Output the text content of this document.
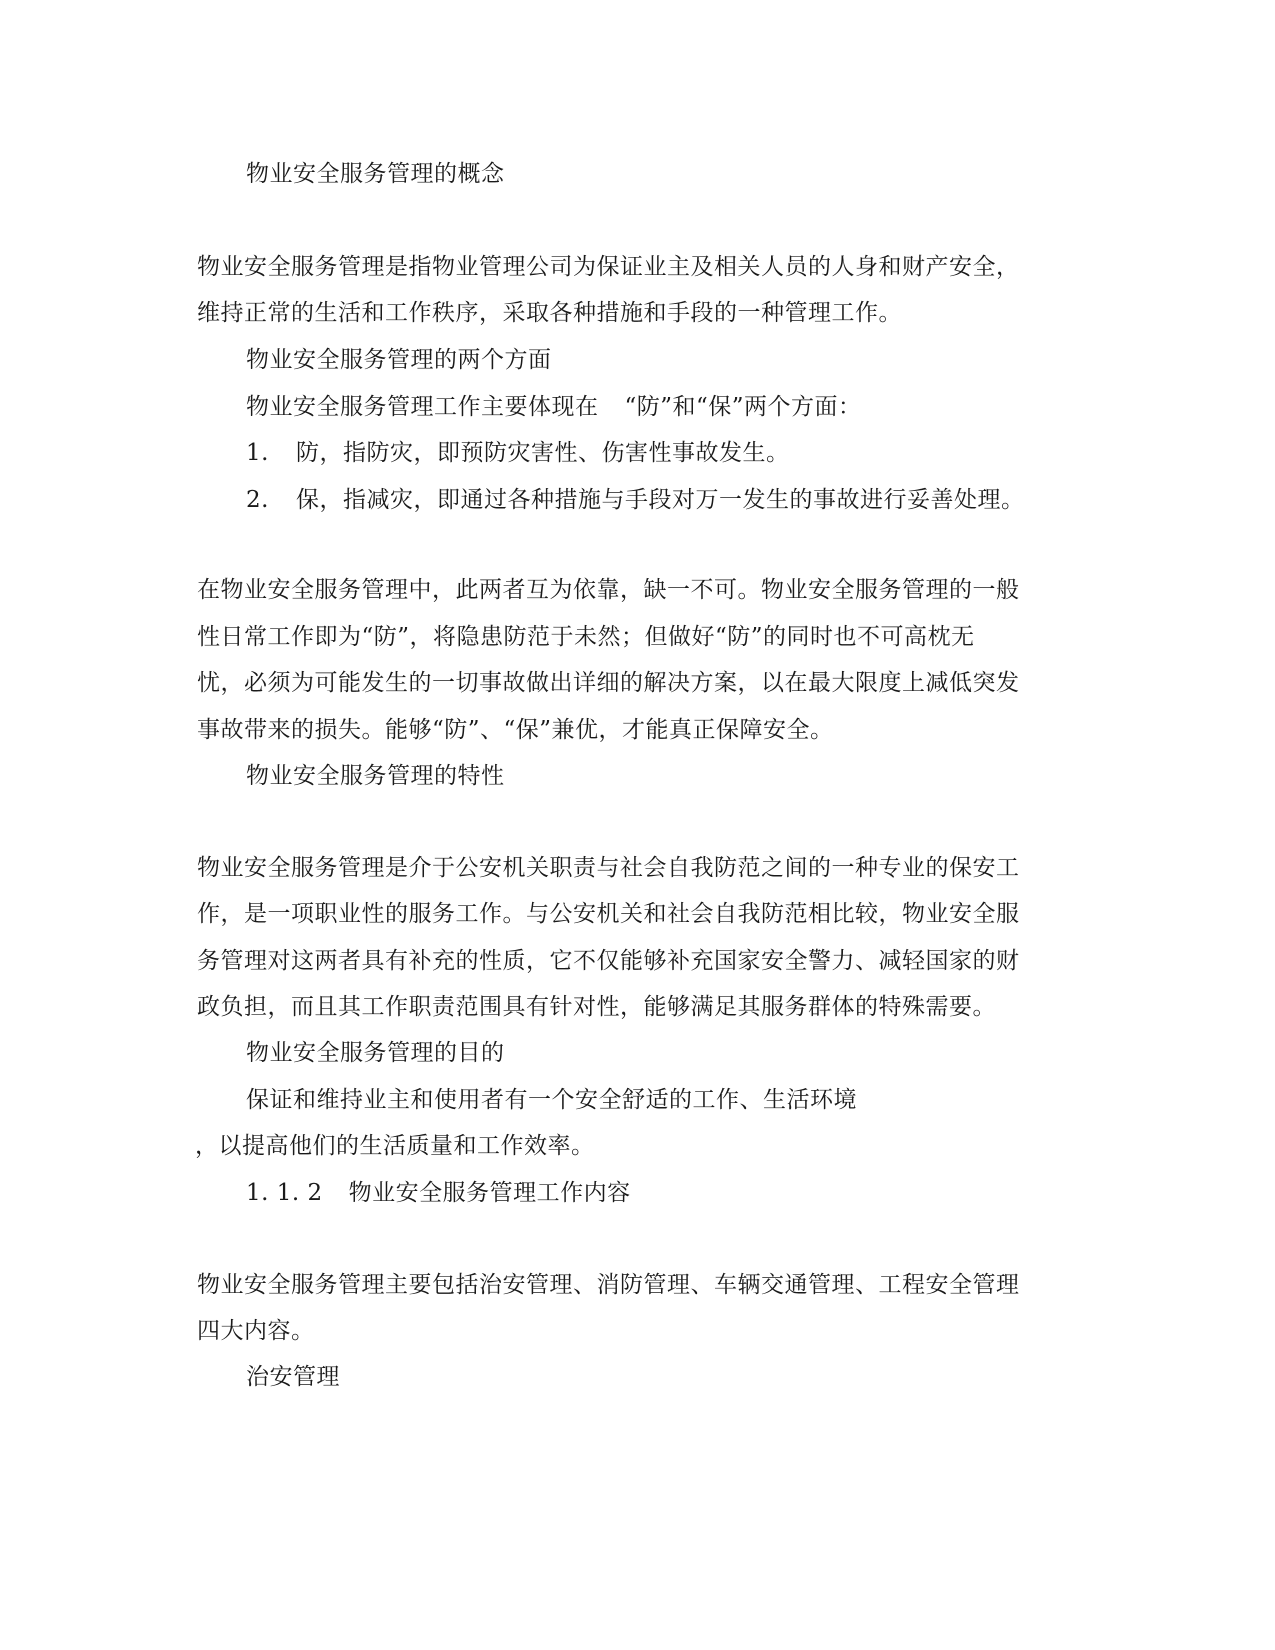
物业安全服务管理的概念
物业安全服务管理是指物业管理公司为保证业主及相关人员的人身和财产安全，
维持正常的生活和工作秩序，采取各种措施和手段的一种管理工作。
物业安全服务管理的两个方面
物业安全服务管理工作主要体现在 “防”和“保”两个方面：
1. 防，指防灾，即预防灾害性、伤害性事故发生。
2. 保，指减灾，即通过各种措施与手段对万一发生的事故进行妥善处理。
在物业安全服务管理中，此两者互为依靠，缺一不可。物业安全服务管理的一般
性日常工作即为“防”，将隐患防范于未然；但做好“防”的同时也不可高枕无
忧，必须为可能发生的一切事故做出详细的解决方案，以在最大限度上减低突发
事故带来的损失。能够“防”、“保”兼优，才能真正保障安全。
物业安全服务管理的特性
物业安全服务管理是介于公安机关职责与社会自我防范之间的一种专业的保安工
作，是一项职业性的服务工作。与公安机关和社会自我防范相比较，物业安全服
务管理对这两者具有补充的性质，它不仅能够补充国家安全警力、减轻国家的财
政负担，而且其工作职责范围具有针对性，能够满足其服务群体的特殊需要。
物业安全服务管理的目的
保证和维持业主和使用者有一个安全舒适的工作、生活环境
，以提高他们的生活质量和工作效率。
1. 1. 2 物业安全服务管理工作内容
物业安全服务管理主要包括治安管理、消防管理、车辆交通管理、工程安全管理
四大内容。
治安管理
